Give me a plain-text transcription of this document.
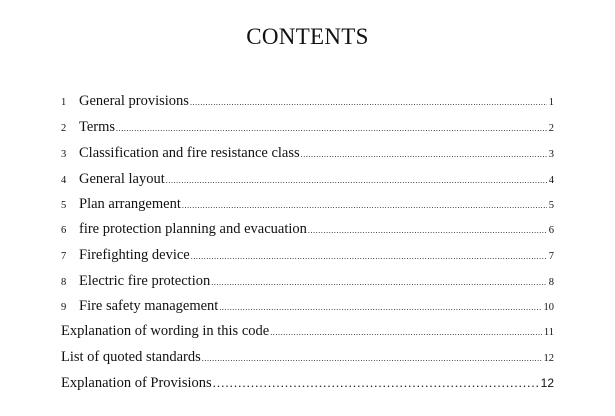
CONTENTS
1 General provisions .....	1
2 Terms .....	2
3 Classification and fire resistance class .....	3
4 General layout .....	4
5 Plan arrangement .....	5
6 fire protection planning and evacuation .....	6
7 Firefighting device .....	7
8 Electric fire protection .....	8
9 Fire safety management .....	10
Explanation of wording in this code .....	11
List of quoted standards .....	12
Explanation of Provisions .....	12
